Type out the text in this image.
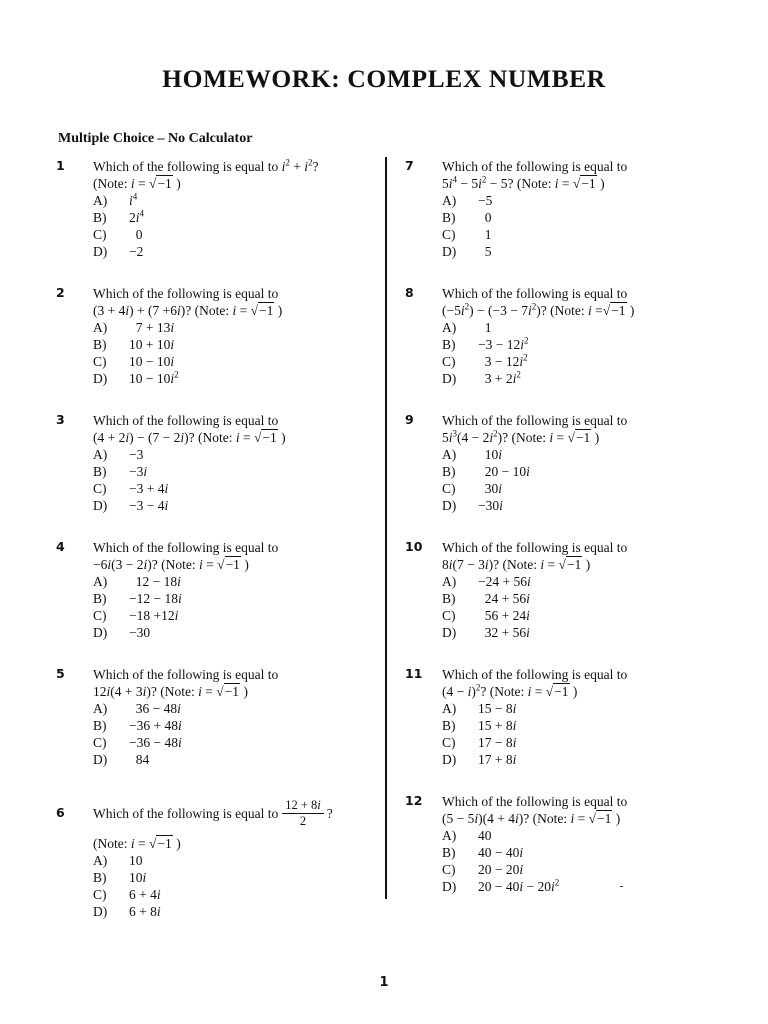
HOMEWORK: COMPLEX NUMBER
Multiple Choice – No Calculator
1 Which of the following is equal to $i^2 + i^2$?
(Note: i = √−1 )
A)	$i^4$
B)	$2i^4$
C)	0
D)	−2
2 Which of the following is equal to
(3 + 4i) + (7 +6i)? (Note: i = √−1 )
A)	7 + 13i
B)	10 + 10i
C)	10 − 10i
D)	$10 - 10i^2$
3 Which of the following is equal to
(4 + 2i) − (7 − 2i)? (Note: i = √−1 )
A)	−3
B)	−3i
C)	−3 + 4i
D)	−3 − 4i
4 Which of the following is equal to
−6i(3 − 2i)? (Note: i = √−1 )
A)	12 − 18i
B)	−12 − 18i
C)	−18 +12i
D)	−30
5 Which of the following is equal to
12i(4 + 3i)? (Note: i = √−1 )
A)	36 − 48i
B)	−36 + 48i
C)	−36 − 48i
D)	84
6 Which of the following is equal to $\frac{12 + 8i}{2}$ ?
(Note: i = √−1 )
A)	10
B)	10i
C)	6 + 4i
D)	6 + 8i
7 Which of the following is equal to
$5i^4 - 5i^2 - 5$? (Note: i = √−1 )
A)	−5
B)	0
C)	1
D)	5
8 Which of the following is equal to
$(-5i^2) - (-3 - 7i^2)$? (Note: i =√−1 )
A)	1
B)	$-3 - 12i^2$
C)	$3 - 12i^2$
D)	$3 + 2i^2$
9 Which of the following is equal to
$5i^3(4 - 2i^2)$? (Note: i = √−1 )
A)	10i
B)	20 − 10i
C)	30i
D)	−30i
10 Which of the following is equal to
8i(7 − 3i)? (Note: i = √−1 )
A)	−24 + 56i
B)	24 + 56i
C)	56 + 24i
D)	32 + 56i
11 Which of the following is equal to
$(4 - i)^2$? (Note: i = √−1 )
A)	15 − 8i
B)	15 + 8i
C)	17 − 8i
D)	17 + 8i
12 Which of the following is equal to
(5 − 5i)(4 + 4i)? (Note: i = √−1 )
A)	40
B)	40 − 40i
C)	20 − 20i
D)	$20 - 40i - 20i^2$
1
